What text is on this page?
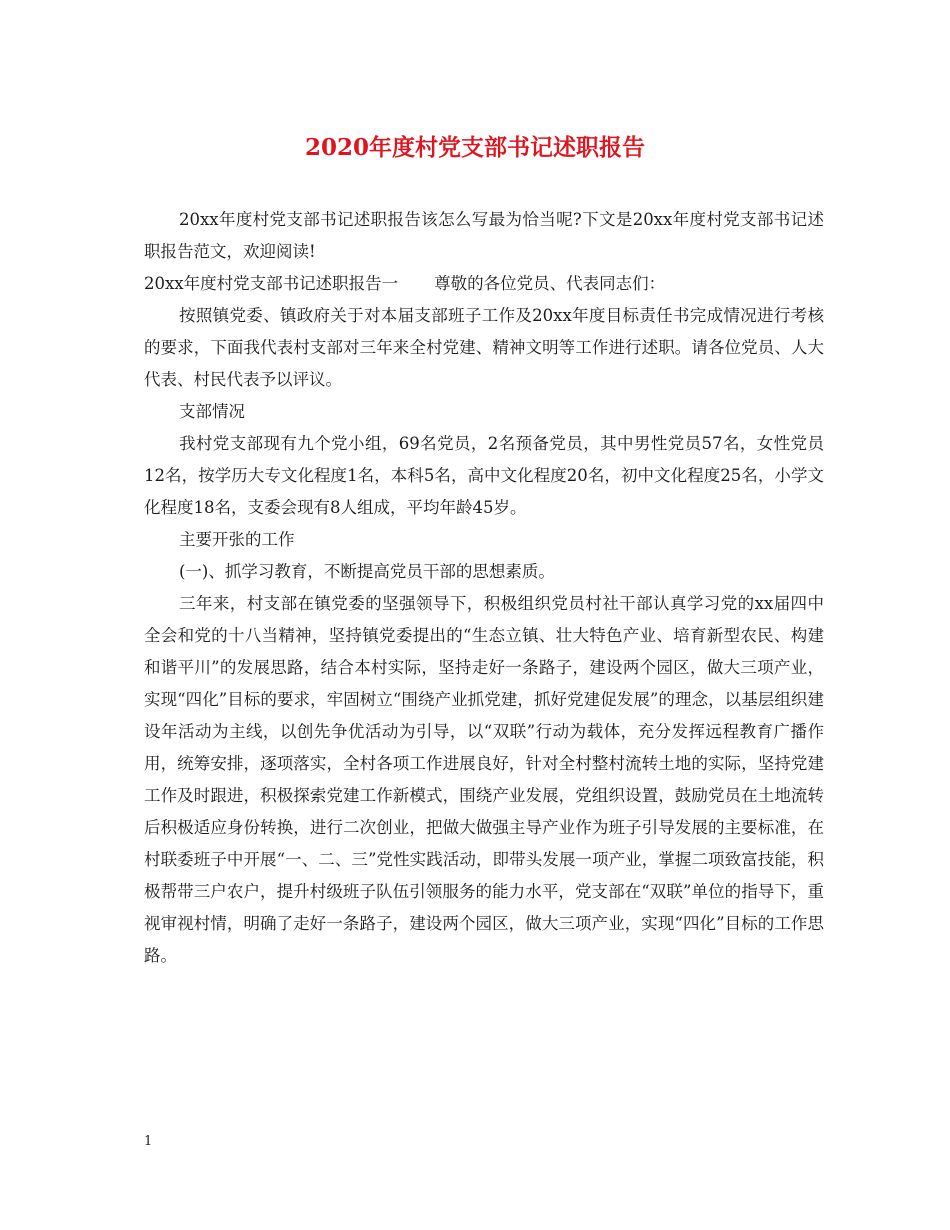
2020年度村党支部书记述职报告

20xx年度村党支部书记述职报告该怎么写最为恰当呢?下文是20xx年度村党支部书记述职报告范文，欢迎阅读!

20xx年度村党支部书记述职报告一 尊敬的各位党员、代表同志们：

按照镇党委、镇政府关于对本届支部班子工作及20xx年度目标责任书完成情况进行考核的要求，下面我代表村支部对三年来全村党建、精神文明等工作进行述职。请各位党员、人大代表、村民代表予以评议。

支部情况

我村党支部现有九个党小组，69名党员，2名预备党员，其中男性党员57名，女性党员12名，按学历大专文化程度1名，本科5名，高中文化程度20名，初中文化程度25名，小学文化程度18名，支委会现有8人组成，平均年龄45岁。

主要开张的工作

(一)、抓学习教育，不断提高党员干部的思想素质。

三年来，村支部在镇党委的坚强领导下，积极组织党员村社干部认真学习党的xx届四中全会和党的十八当精神，坚持镇党委提出的“生态立镇、壮大特色产业、培育新型农民、构建和谐平川”的发展思路，结合本村实际，坚持走好一条路子，建设两个园区，做大三项产业，实现“四化”目标的要求，牢固树立“围绕产业抓党建，抓好党建促发展”的理念，以基层组织建设年活动为主线，以创先争优活动为引导，以“双联”行动为载体，充分发挥远程教育广播作用，统筹安排，逐项落实，全村各项工作进展良好，针对全村整村流转土地的实际，坚持党建工作及时跟进，积极探索党建工作新模式，围绕产业发展，党组织设置，鼓励党员在土地流转后积极适应身份转换，进行二次创业，把做大做强主导产业作为班子引导发展的主要标准，在村联委班子中开展“一、二、三”党性实践活动，即带头发展一项产业，掌握二项致富技能，积极帮带三户农户，提升村级班子队伍引领服务的能力水平，党支部在“双联”单位的指导下，重视审视村情，明确了走好一条路子，建设两个园区，做大三项产业，实现“四化”目标的工作思路。

1
